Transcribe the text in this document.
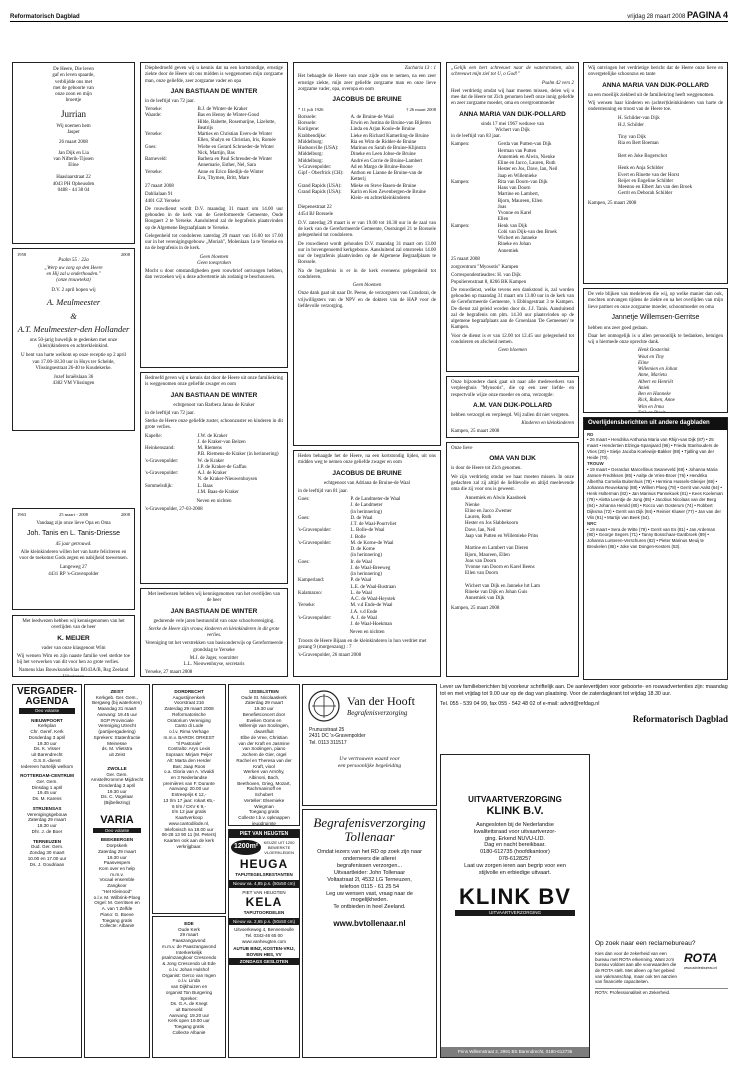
Reformatorisch Dagblad	vrijdag 28 maart 2008 PAGINA 4
De Heere, Die leven
gaf en leven spaarde,
verblijdde ons met
met de geboorte van
onze zoon en mijn
broertje
Jurrian
Wij noemen hem
Jasper

26 maart 2008

Jan Dijk en Lia
van Nifterik-Tijssen
Eline
Haaslaarstraat 22
4043 PH Opheusden
0488 - 44 38 04
1958	2008

Psalm 55 : 22a

„Werp uw zorg op den Heere
en Hij zal u onderhouden."
(onze trouwtekst)

D.V. 2 april hopen wij

A. Meulmeester
&
A.T. Meulmeester-den Hollander

ons 50-jarig huwelijk te gedenken met onze (klein)kinderen en achterkleinkind.

U bent van harte welkom op onze receptie op 2 april van 17.00-18.30 uur in Huys ter Schelde, Vlissingsestraat 26-40 te Koudekerke.

Jozef Israëlslaan 36
4382 VM Vlissingen
1963	25 maart - 2008	2008

Vandaag zijn onze lieve Opa en Oma

Joh. Tanis en L. Tanis-Driesse

45 jaar getrouwd.

Alle kleinkinderen willen het van harte feliciteren en voor de toekomst Gods zegen en nabijheid toewensen.

Langeweg 27
4431 RP 's-Gravenpolder

Met leedwezen hebben wij kennisgenomen van het overlijden van de heer

K. MEIJER

vader van onze klasgenoot Wim

Wij wensen Wim en zijn naaste familie veel sterkte toe bij het verwerken van dit voor hen zo grote verlies.

Namens klas Bouwkunde/klas BO43A/B, Rsg Zeeland

Diepbedroefd geven wij u kennis dat na een kortstondige, ernstige ziekte door de Heere uit ons midden is weggenomen mijn zorgzame man, onze geliefde, zeer zorgzame vader en opa

JAN BASTIAAN DE WINTER

in de leeftijd van 72 jaar.

Yerseke:	B.J. de Winter-de Kraker
Waarde:	Bas en Henny de Winter-Goud
Hilde, Babette, Rosemarijne, Lizelotte, Beatrijs
Yerseke:	Marties en Christian Evers-de Winter
Ellen, Shalyn en Christian, Iris, Romée
Goes:	Wiebe en Gerard Schroeder-de Winter
Nick, Martijn, Bas
Barneveld:	Barbera en Paul Schreuder-de Winter
Annemarie, Esther, Nel, Sara
Yerseke:	Anne en Erico Biedijk-de Winter
Eva, Thymen, Britt, Mare

27 maart 2008

Dahlialaan 91
4401 GZ Yerseke

De rouwdienst wordt D.V. maandag 31 maart om 14.00 uur gehouden in de kerk van de Gereformeerde Gemeente, Oude Boogaert 2 te Yerseke. Aansluitend zal de begrafenis plaatsvinden op de Algemene Begraafplaats te Yerseke.

Gelegenheid tot condoleren zaterdag 29 maart van 16.00 tot 17.00 uur in het verenigingsgebouw „Moriah", Molenlaan 1a te Yerseke en na de begrafenis in de kerk.

Geen bloemen
Geen toespraken

Mocht u door omstandigheden geen rouwbrief ontvangen hebben, dan verzoeken wij u deze advertentie als zodanig te beschouwen.

Bedroefd geven wij u kennis dat door de Heere uit onze familiekring is weggenomen onze geliefde zwager en oom

JAN BASTIAAN DE WINTER

echtgenoot van Barbera Janna de Kraker

in de leeftijd van 72 jaar.

Sterke de Heere onze geliefde zuster, schoonzuster en kinderen in dit grote verlies.

Kapelle:	J.W. de Kraker
J. de Kraker-van Belzen
Heinkenszand:	M. Riemens
P.B. Riemens-de Kraker (in herinnering)
's-Gravenpolder:	W. de Kraker
J.P. de Kraker-de Gaffau
's-Gravenpolder:	A.J. de Kraker
N. de Kraker-Nieuwenhuysen
Sommelsdijk:	L. Baas
J.M. Baas-de Kraker

Neven en nichten

's-Gravenpolder, 27-03-2008

Met leedwezen hebben wij kennisgenomen van het overlijden van de heer

JAN BASTIAAN DE WINTER

gedurende vele jaren bestuurslid van onze schoolvereniging.

Sterke de Heere zijn vrouw, kinderen en kleinkinderen in dit grote verlies.

Vereniging tot het verstrekken van basisonderwijs op Gereformeerde grondslag te Yerseke

M.J. de Jager, voorzitter
L.L. Nieuwenhuyse, secretaris

Yerseke, 27 maart 2008

Zacharia 13 : 1

Het bebaagde de Heere van onze zijde ons te nemen, na een zeer ernstige ziekte, mijn zeer geliefde zorgzame man en onze lieve zorgzame vader, opa, overopa en oom

JACOBUS DE BRUINE
* 11 juli 1926	† 26 maart 2008
Borssele:	A. de Bruine-de Waal
Borssele:	Erwin en Justina de Bruine-van Bijleren
Koriigene:	Linda en Arjan Koole-de Bruine
Krabbendijke:	Lieke en Richard Kamerling-de Bruine
Middelburg:	Ria en Wim de Ridder-de Bruine
Hudsonville (USA):	Marinus en Sarah de Bruine-Klijnstra
Middelburg:	Dineke en Leen Jobse-de Bruine
Middelburg:	André en Corrie de Bruine-Lambert
's-Gravenpolder:	Ad en Margo de Bruine-Boone
Gipf - Oberfrick (CH):	Anthon en Lianne de Bruine-van de Ketterij
Grand Rapids (USA):	Mieke en Steve Basen-de Bruine
Grand Rapids (USA):	Karin en Ken Zevenbergen-de Bruine
Klein- en achterkleinkinderen
Diepenestraat 22
4454 BJ Borssele

D.V. zaterdag 29 maart is er van 19.00 tot 18.30 uur in de zaal van de kerk van de Gereformeerde Gemeente, Oostsingel 21 te Borssele gelegenheid tot condoleren.

De rouwdienst wordt gehouden D.V. maandag 31 maart om 13.00 uur in bovengenoemd kerkgebouw. Aansluitend zal omstreeks 14.00 uur de begrafenis plaatsvinden op de Algemene Begraafplaats te Borssele.

Na de begrafenis is er in de kerk eveneens gelegenheid tot condoleren.

Geen bloemen

Onze dank gaat uit naar Dr. Peene, de verzorgsters van Curadorai, de vrijwilligsters van de NPV en de dokters van de HAP voor de liefdevolle verzorging.

Heden behaagde het de Heere, na een kortstondig lijden, uit ons midden weg te nemen onze geliefde zwager en oom

JACOBUS DE BRUINE

echtgenoot van Adriana de Bruine-de Waal

in de leeftijd van 81 jaar.

Goes:	P. de Landmeter-de Waal
J. de Landmeter
(in herinnering)
Goes:	D. de Waal
J.T. de Waal-Poortvliet
's-Gravenpolder:	L. Bolle-de Waal
J. Bolle
's-Gravenpolder:	M. de Korne-de Waal
D. de Korne
(in herinnering)
Goes:	Ir. de Waal
J. de Waal-Breeweg
(in herinnering)
Kamperland:	P. de Waal
L.E. de Waal-Bustraan
Kalamazoo:	L. de Waal
A.C. de Waal-Heystek
Yerseke:	M. v.d Ende-de Waal
J.A. v.d Ende
's-Gravenpolder:	A. J. de Waal
J. de Waal-Hoekman

Neven en nichten

Troosts de Heere Bijaan en de kleinkinderen in hun verdriet met gezang 9 (morgenzang) : 7

's-Gravenpolder, 26 maart 2008

„Gelijk een hert schreeuwt naar de waterstromen, alzo schreeuwt mijn ziel tot U, o God!"

Psalm 42 vers 2

Heel verdrietig omdat wij haar moeten missen, delen wij u mee dat de Heere tot Zich genomen heeft onze innig geliefde en zeer zorgzame moeder, oma en overgrootmoeder

ANNA MARIA VAN DIJK-POLLARD
sinds 17 mei 1967 weduwe van
Wichert van Dijk

in de leeftijd van 83 jaar.

Kampen:	Gerda van Putten-van Dijk
Herman van Putten
Annemiek en Alwin, Nienke
Eline en Jacco, Lauren, Ruth
Hester en Jos, Dave, Ian, Neil
Jaap en Willemieke
Kampen:	Rita van Doorn-van Dijk
Hans van Doorn
Martine en Lambert,
Bjorn, Maureen, Ellen
Joas
Yvonne en Karel
Ellen
Kampen:	Henk van Dijk
Cobi van Dijk-van den Broek
Wichert en Janneke
Rineke en Johan
Annemiek

25 maart 2008

zorgcentrum "Myosotis" Kampen

Correspondentieadres: H. van Dijk
Populierenstraat 8, 8266 BK Kampen

De rouwdienst, welke tevens een dankstond is, zal worden gehouden op maandag 31 maart om 13.00 uur in de kerk van de Gereformeerde Gemeente, 's Ebbingestraat 3 te Kampen. De dienst zal geleid worden door ds. J.J. Tanis. Aansluitend zal de begrafenis om plm. 14.30 uur plaatsvinden op de algemene begraafplaats aan de Groenlaan 'De Gemeenen' te Kampen.

Voor de dienst is er van 12.00 tot 12.45 uur gelegenheid tot condoleren en afscheid nemen.

Geen bloemen

Onze bijzondere dank gaat uit naar alle medewerkers van verpleeghuis "Myosotis", die op een zeer liefde- en respectvolle wijze onze moeder en oma, verzorgde:

A.M. VAN DIJK-POLLARD

hebben verzorgd en verpleegd. Wij zullen dit niet vergeten.

Kinderen en kleinkinderen

Kampen, 25 maart 2008

Onze lieve

OMA VAN DIJK

is door de Heere tot Zich genomen.

We zijn verdrietig omdat we haar moeten missen. In onze gedachten zal zij altijd de liefdevolle en altijd meelevende oma die zij voor ons is geweest.

Annemiek en Alwin Kaasboek
Nienke
Eline en Jacco Zwemer
Lauren, Ruth
Hester en Jos Slabbekoorn
Dave, Ian, Neil
Jaap van Putten en Willemieke Prins

Martine en Lambert van Dieren
Bjorn, Maureen, Ellen
Joas van Doorn
Yvonne van Doorn en Karel Beens
Ellen van Doorn

Wichert van Dijk en Janneke hrt Lam
Rineke van Dijk en Johan Guis
Annemiek van Dijk

Kampen, 25 maart 2008

Wij ontvingen het verdrietige bericht dat de Heere onze lieve en onvergetelijke schoonzus en tante

ANNA MARIA VAN DIJK-POLLARD

na een moeilijk ziekbed uit de familiekring heeft weggenomen.

Wij wensen haar kinderen en (achter)kleinkinderen van harte de ondersteuning en troost van de Heere toe.

H. Schilder-van Dijk
H.J. Schilder

Tiny van Dijk
Ria en Bert Boeman

Bert en Joke Bogerschot

Henk en Anja Schilder
Evert en Rinette van der Horst
Reijer en Engeline Schilder
Meenno en Elbert Jan van den Broek
Gerrit en Deborah Schilder

Kampen, 25 maart 2008

De vele blijken van medeleven die wij, op welke manier dan ook, mochten ontvangen tijdens de ziekte en na het overlijden van mijn lieve partner en onze zorgzame moeder, schoonmoeder en oma

Jannetje Willemsen-Gerritse

hebben ons zeer goed gedaan.

Daar het onmogelijk is u allen persoonlijk te bedanken, betuigen wij u hiermede onze oprechte dank.

Henk Oosterink
Wout en Tiny
Eline
Willemien en Johan
Anne, Marieta
Albert en Henriët
Aniek
Ben en Hanneke
Rick, Ruben, Anne
Wim en Irma

Overlijdensberichten uit andere dagbladen
RD
• 26 maart • Hendrika Anthonia Maria van Rhijn-van Dijk (87) • 25 maart • Hendertien Elzinga-Spanjaard (96) • Frieda Stanhouders de Vries (20) • Sietje Jacoba Koelewijn-Bakker (88) • Tjalling van der Heide (70).
TROUW
• 19 maart • Gerardus Marcellinus Swaneveld (69) • Johanna Maria Jansen-Fredriksen (85) • Aaltje de Vries-Broer (76) • Hendrika Albertha Cornelia Buitenhuis (78) • Hermina Hussels-Gleisjer (69) • Johanna Reuvekamp (88) • Willem Ploeg (78) • Gerrit van Aalst (64) • Henk Holterman (82) • Jan Marinus Pannekoek (81) • Kees Koeleman (79) • Aletta Leentje de Jong (85) • Jacobus Nicolaas van der Berg (84) • Johanna Herold (80) • Rocco van Oosterum (74) • Robbert Dijksma (72) • Gerrit van Dijk (84) • Reinier Kluwer (77) • Jan van der Vlis (91) • Martijn van Beek (54).
NRC
• 19 maart • Sera de Witte (79) • Gerrit van Es (81) • Jan Ardeman (90) • George Segers (71) • Tanny Bosschaar-Gantbroek (89) • Johanna Lunteren-Verschuren (82) • Pieter Marinus Meuij te Breukelen (85) • Joke van Dongen-Kesters (53).
VERGADER-AGENDA
Oeo volante
NIEUWPOORT
Kerkplan
Chr. Geref. Kerk
Donderdag 3 april
19.30 uur
Ds. K. Visser
uit Barendrecht
G.S.S.-dienst
Iedereen hartelijk welkom
ROTTERDAM-CENTRUM
Ger. Gem.
Dinsdag 1 april
19.45 uur
Ds. M. Karens
STRIJENSAS
Verenigingsgebouw
Zaterdag 29 maart
18.30 uur
Dhr. J. de Boer
TERNEUZEN
Oud. Ger. Gem.
Zondag 30 maart
10.00 en 17.00 uur
Ds. J. Goudriaan
ZEIST
Kerkgeb. Ger. Gem.,
Bergweg (bij waterloren)
Maandag 31 maart
Aanvang: 19.45 uur
SGP Provinciale
Vereniging Utrecht
(partijvergadering)
Sprekers: Statenfractie
Meinesse
ds. M. Vlietstra
uit Zeist
ZWOLLE
Ger. Gem.
Amstel/Kromme Mijdrecht
Donderdag 3 april
19.30 uur
Ds. C. Vogelaar
(Bijbellezing)
VARIA
Oeo volante
BEEKBERGEN
Dorpskerk
Zaterdag 29 maart
19.30 uur
Paasvespers
Kom over en help
m.m.v.
Vocaal ensemble
Zangkoor
"Het Kleinood"
o.l.v. M. Wilbrink-Ploeg
Orgel: M. Gerritsen en
A. van 't Zelfde
Piano: G. Boeve
Toegang gratis
Collecte: Albanië
DORDRECHT
Augustijnenkerk
Voorstraat 216
Zaterdag 29 maart 2008
Reformatorische
Oratorium Vereniging
Canto di Lode
o.l.v. Rima Verhage
m.m.v. BAROK ORKEST
"Il Pastorale"
Contralto: Aryn Lexis
Sopraan: Mirjam Peijer
Alt: Marta den Herder
Bas: Jaap Roos
o.a. Gloria van A. Vivaldi
en 3 Nederlandse
premières van F. Durante
Aanvang: 20.00 uur
Entreeprijs € 12,-
13 t/m 17 jaar: rokart €5,-
6 t/m / CKV € 9,-
t/m 12 jaar gratis
Kaartverkoop
www.cantodilode.nl,
telefonisch na 18.00 uur
06-28 13 90 11 (M. Peters)
Kaarten ook aan de kerk
verkrijgbaar.
EDE
Oude Kerk
29 maart
Paaszangavond
m.m.v. de Paaszangavond
Interkerkelijk
psalmzangkoor Crescendo
& Jong Crescendo uit Ede
o.l.v. Johan Hulshof
Organist: Gerco van Ingen
o.l.v. Linda
van Dijkhuizen en
organist Ton Burgering
Spreker:
Ds. G.A. de Knegt
uit Barneveld
Aanvang: 19.20 uur
Kerk open 19.00 uur
Toegang gratis
Collecte Albanië
IJSSELSTEIN
Oude St. Nicolaaskerk
Zaterdag 29 maart
19.30 uur
Benefietconcert door
Evelien Ooms en
Willemijn van Soolingen,
dwarsfluit
Elbe de Vree, Christian
van der Kraft en Jasmine
van Soolingen, piano
Jochem de Gier, orgel
Rachel en Theresa van der
Kraft, viool
Werken van Arnöhy,
Albinoni, Bach,
Beethoven, Grieg, Mozart,
Rachmaninoff en
Schubert
Verteller: Elsemieke
Wiegman
Toegang gratis
Collecte t.b.v. opknappen
jeugdruimte
PIET VAN HEUGTEN
1200m²
KEUZE UIT 1200 BEWERKTE VLOERKLEDEN
HEUGA
TAPIJTEGELSRESTANTEN
Nieuw va. 4,95 p.s. (50x50 cm)
PIET VAN HEUGTEN
KELA
TAPIJTOORDELEN
Nieuw va. 2,65 p.s. (50x50 cm)
Uitvoerkeweg 4, Bennemeulle
Tel. 0342-46 65 00
www.vanheugten.com
AUTUB BINZ, KOSTEN-VRIJ, BOVEN HBS, VV
ZONDAGS GESLOTEN
Van der Hooft
Begrafenisverzorging
Prunusstraat 25
2431 DC 's-Gravenpolder
Tel. 0113 311517
Uw vertrouwen waard voor
een persoonlijke begeleiding
Begrafenisverzorging Tollenaar
Omdat iezers van het RD op zoek zijn naar onderneers die allerei
begrafenissen verzorgen...
Uitvaartleider: John Tollenaar
Voltastraat 2l, 4532 LG Terneuzen,
telefoon 0115 - 61 25 54
Leg uw wensen vast, vraag naar de mogelijkheden.
Te ontbieden in heel Zeeland.
www.bvtollenaar.nl

Lever uw familieberichten bij voorkeur schriftelijk aan. De aanlevertijden voor geboorte- en rouwadvertenties zijn: maandag tot en met vrijdag tot 9.00 uur op de dag van plaatsing. Voor de zaterdagkrant tot vrijdag 18.30 uur.

Tel. 055 - 539 04 99, fax 055 - 542 48 02 of e-mail: advrd@refdag.nl

Reformatorisch Dagblad
UITVAARTVERZORGING
KLINK B.V.
Aangesloten bij de Nederlandse
kwaliteitsraad voor uitvaartverzor-
ging. Erkend NUVU-LID.
Dag en nacht bereikbaar.
0180-612735 (hoofdkantoor)
078-6128257
Laat uw zorgen ieren aan begrip voor een
stijlvolle en erbiedige uitvaart.
KLINK BV
UITVAARTVERZORGING
Prins Willemstraat 2, 2991 BS Barendrecht, 0180-612735
Op zoek naar een reclamebureau?

Kies dan voor de zekerheid van een bureau met ROTA erkenning. Want zo'n bureau voldoet aan alle voorwaarden die de ROTA stelt. Met alleen op het gebied van vakmanschap, maar ook ten aanzien van financiële capaciteiten.

ROTA
www.adviesbureau.nl
ROTA: Professionaliteit en Zekerheid.
